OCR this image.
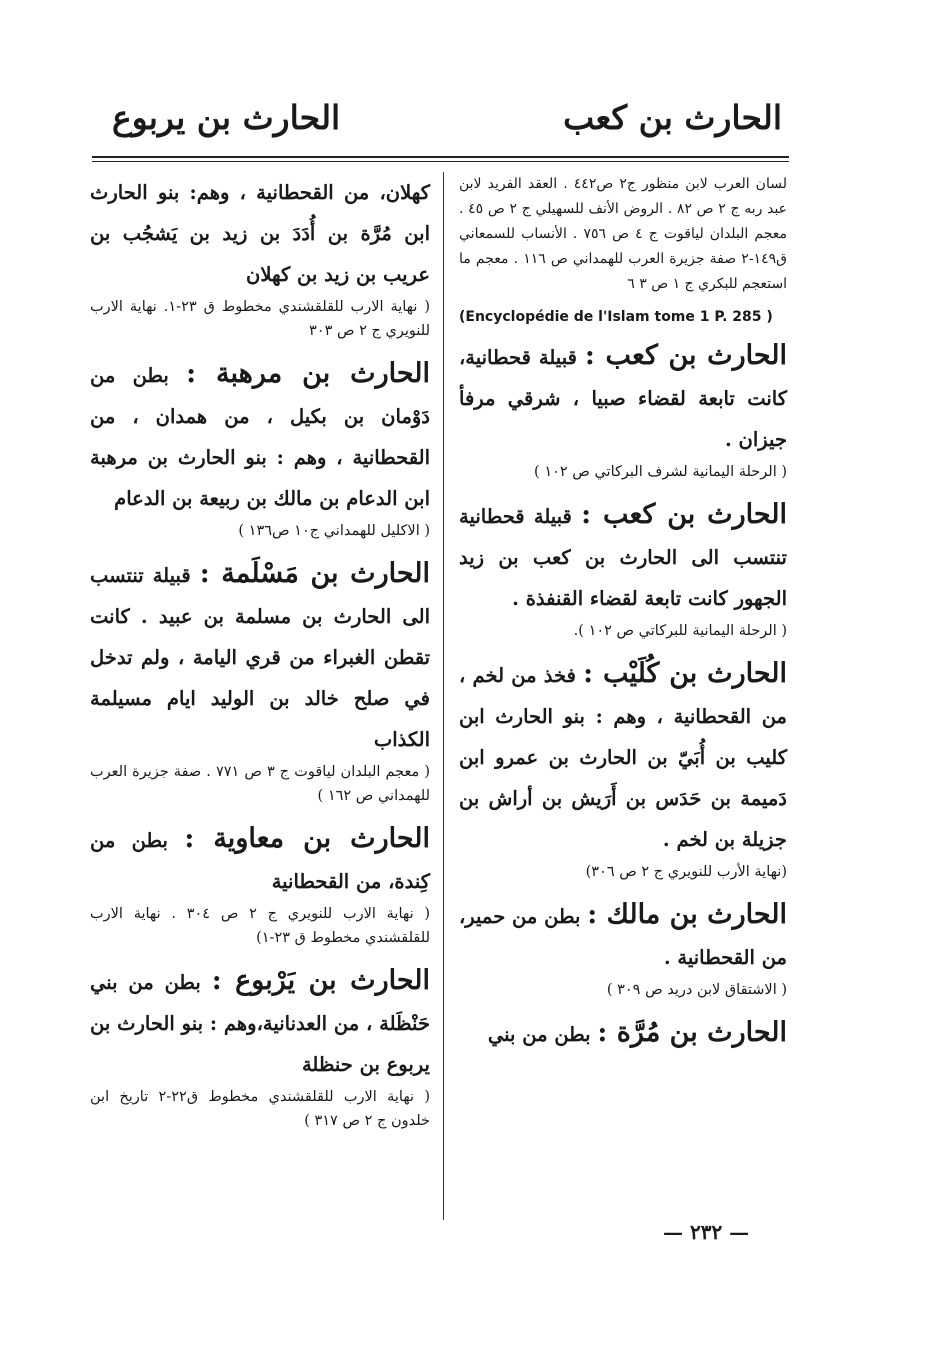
الحارث بن كعب
الحارث بن يربوع

لسان العرب لابن منظور ج٢ ص٤٤٢ . العقد الفريد لابن عبد ربه ج ٢ ص ٨٢ . الروض الأنف للسهيلي ج ٢ ص ٤٥ . معجم البلدان لياقوت ج ٤ ص ٧٥٦ . الأنساب للسمعاني ق١٤٩-٢ صفة جزيرة العرب للهمداني ص ١١٦ . معجم ما استعجم للبكري ج ١ ص ٣ ٦

(Encyclopédie de l'Islam tome 1 P. 285 )

الحارث بن كعب : قبيلة قحطانية، كانت تابعة لقضاء صبيا ، شرقي مرفأ جيزان .

( الرحلة اليمانية لشرف البركاتي ص ١٠٢ )

الحارث بن كعب : قبيلة قحطانية تنتسب الى الحارث بن كعب بن زيد الجهور كانت تابعة لقضاء القنفذة .

( الرحلة اليمانية للبركاتي ص ١٠٢ ).

الحارث بن كُلَيْب : فخذ من لخم ، من القحطانية ، وهم : بنو الحارث ابن كليب بن أُبَيّ بن الحارث بن عمرو ابن دَميمة بن حَدَس بن أَرَيش بن أراش بن جزيلة بن لخم .

(نهاية الأرب للنويري ج ٢ ص ٣٠٦)

الحارث بن مالك : بطن من حمير، من القحطانية .

( الاشتقاق لابن دريد ص ٣٠٩ )

الحارث بن مُرَّة : بطن من بني

كهلان، من القحطانية ، وهم: بنو الحارث ابن مُرَّة بن أُدَدَ بن زيد بن يَشجُب بن عريب بن زيد بن كهلان

( نهاية الارب للقلقشندي مخطوط ق ٢٣-١. نهاية الارب للنويري ج ٢ ص ٣٠٣

الحارث بن مرهبة : بطن من دَوْمان بن بكيل ، من همدان ، من القحطانية ، وهم : بنو الحارث بن مرهبة ابن الدعام بن مالك بن ربيعة بن الدعام

( الاكليل للهمداني ج١٠ ص١٣٦ )

الحارث بن مَسْلَمة : قبيلة تنتسب الى الحارث بن مسلمة بن عبيد . كانت تقطن الغبراء من قري اليامة ، ولم تدخل في صلح خالد بن الوليد ايام مسيلمة الكذاب

( معجم البلدان لياقوت ج ٣ ص ٧٧١ . صفة جزيرة العرب للهمداني ص ١٦٢ )

الحارث بن معاوية : بطن من كِندة، من القحطانية

( نهاية الارب للنويري ج ٢ ص ٣٠٤ . نهاية الارب للقلقشندي مخطوط ق ٢٣-١)

الحارث بن يَرْبوع : بطن من بني حَنْظَلة ، من العدنانية،وهم : بنو الحارث بن يربوع بن حنظلة

( نهاية الارب للقلقشندي مخطوط ق٢٢-٢ تاريخ ابن خلدون ج ٢ ص ٣١٧ )

— ٢٣٢ —
